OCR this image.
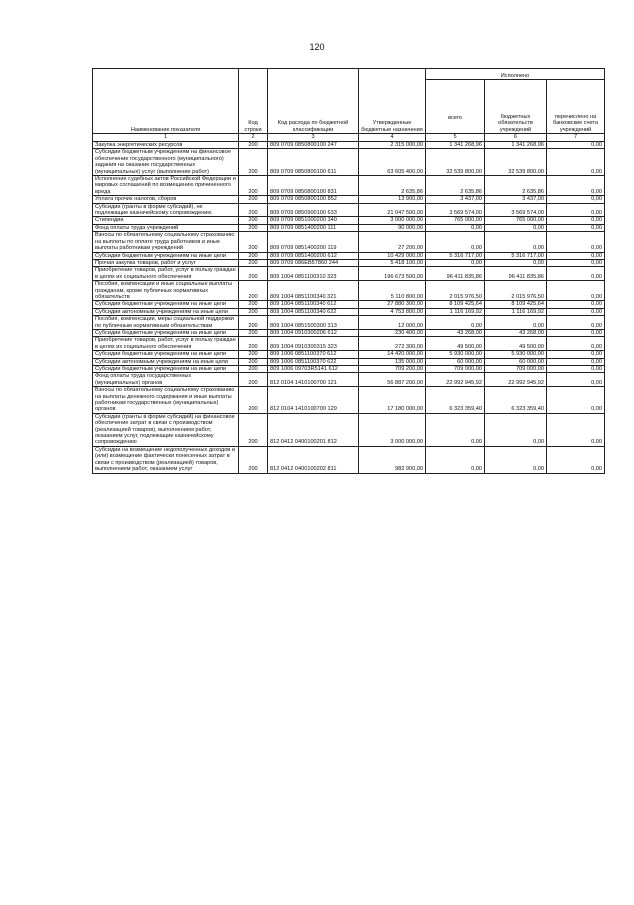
120
Наименование показателя	Код строки	Код расхода по бюджетной классификации	Утвержденные бюджетные назначения	Исполнено		
				всего	бюджетных обязательств учреждений	перечислено на банковские счета учреждений
1	2	3	4	5	6	7
Закупка энергетических ресурсов	200	809 0709 0850800100 247	2 315 000,00	1 341 268,96	1 341 268,96	0,00
Субсидии бюджетным учреждениям на финансовое обеспечение государственного (муниципального) задания на оказание государственных (муниципальных) услуг (выполнение работ)	200	809 0709 0850800100 611	63 605 400,00	32 539 800,00	32 539 800,00	0,00
Исполнение судебных актов Российской Федерации и мировых соглашений по возмещению причиненного вреда	200	809 0709 0850800100 831	2 635,86	2 635,86	2 635,86	0,00
Уплата прочих налогов, сборов	200	809 0709 0850800100 852	13 900,00	3 437,00	3 437,00	0,00
Субсидии (гранты в форме субсидий), не подлежащие казначейскому сопровождению	200	809 0709 0850900100 633	21 047 500,00	3 569 574,00	3 569 574,00	0,00
Стипендии	200	809 0709 0851000200 340	3 000 000,00	765 000,00	765 000,00	0,00
Фонд оплаты труда учреждений	200	809 0709 0851400200 111	90 000,00	0,00	0,00	0,00
Взносы по обязательному социальному страхованию на выплаты по оплате труда работников и иные выплаты работникам учреждений	200	809 0709 0851400200 119	27 200,00	0,00	0,00	0,00
Субсидии бюджетным учреждениям на иные цели	200	809 0709 0851400200 612	10 429 000,00	5 316 717,00	5 316 717,00	0,00
Прочая закупка товаров, работ и услуг	200	809 0709 086ЕВ57860 244	5 418 100,00	0,00	0,00	0,00
Приобретение товаров, работ, услуг в пользу граждан в целях их социального обеспечения	200	809 1004 0851100310 323	196 673 500,00	96 411 835,86	96 411 835,86	0,00
Пособия, компенсации и иные социальные выплаты гражданам, кроме публичных нормативных обязательств	200	809 1004 0851100340 321	5 110 800,00	2 015 976,50	2 015 976,50	0,00
Субсидии бюджетным учреждениям на иные цели	200	809 1004 0851100340 612	27 880 300,00	8 109 425,64	8 109 425,64	0,00
Субсидии автономным учреждениям на иные цели	200	809 1004 0851100340 622	4 753 800,00	1 116 169,92	1 116 169,92	0,00
Пособия, компенсации, меры социальной поддержки по публичным нормативным обязательствам	200	809 1004 0851500300 313	12 000,00	0,00	0,00	0,00
Субсидии бюджетным учреждениям на иные цели	200	809 1004 0910300206 612	230 400,00	43 268,00	43 268,00	0,00
Приобретение товаров, работ, услуг в пользу граждан в целях их социального обеспечения	200	809 1004 0910300315 323	272 300,00	49 500,00	49 500,00	0,00
Субсидии бюджетным учреждениям на иные цели	200	809 1006 0851100370 612	14 420 000,00	5 930 000,00	5 930 000,00	0,00
Субсидии автономным учреждениям на иные цели	200	809 1006 0851100370 622	135 000,00	60 000,00	60 000,00	0,00
Субсидии бюджетным учреждениям на иные цели	200	809 1006 09703R5141 612	709 200,00	709 000,00	709 000,00	0,00
Фонд оплаты труда государственных (муниципальных) органов	200	812 0104 1410100700 121	56 887 200,00	22 992 945,92	22 992 945,92	0,00
Взносы по обязательному социальному страхованию на выплаты денежного содержания и иные выплаты работникам государственных (муниципальных) органов	200	812 0104 1410100700 129	17 180 000,00	6 323 359,40	6 323 359,40	0,00
Субсидии (гранты в форме субсидий) на финансовое обеспечение затрат в связи с производством (реализацией товаров), выполнением работ, оказанием услуг, подлежащие казначейскому сопровождению	200	812 0412 0400100201 812	3 000 000,00	0,00	0,00	0,00
Субсидии на возмещение недополученных доходов и (или) возмещение фактически понесенных затрат в связи с производством (реализацией) товаров, выполнением работ, оказанием услуг	200	812 0412 0400100202 811	982 900,00	0,00	0,00	0,00
